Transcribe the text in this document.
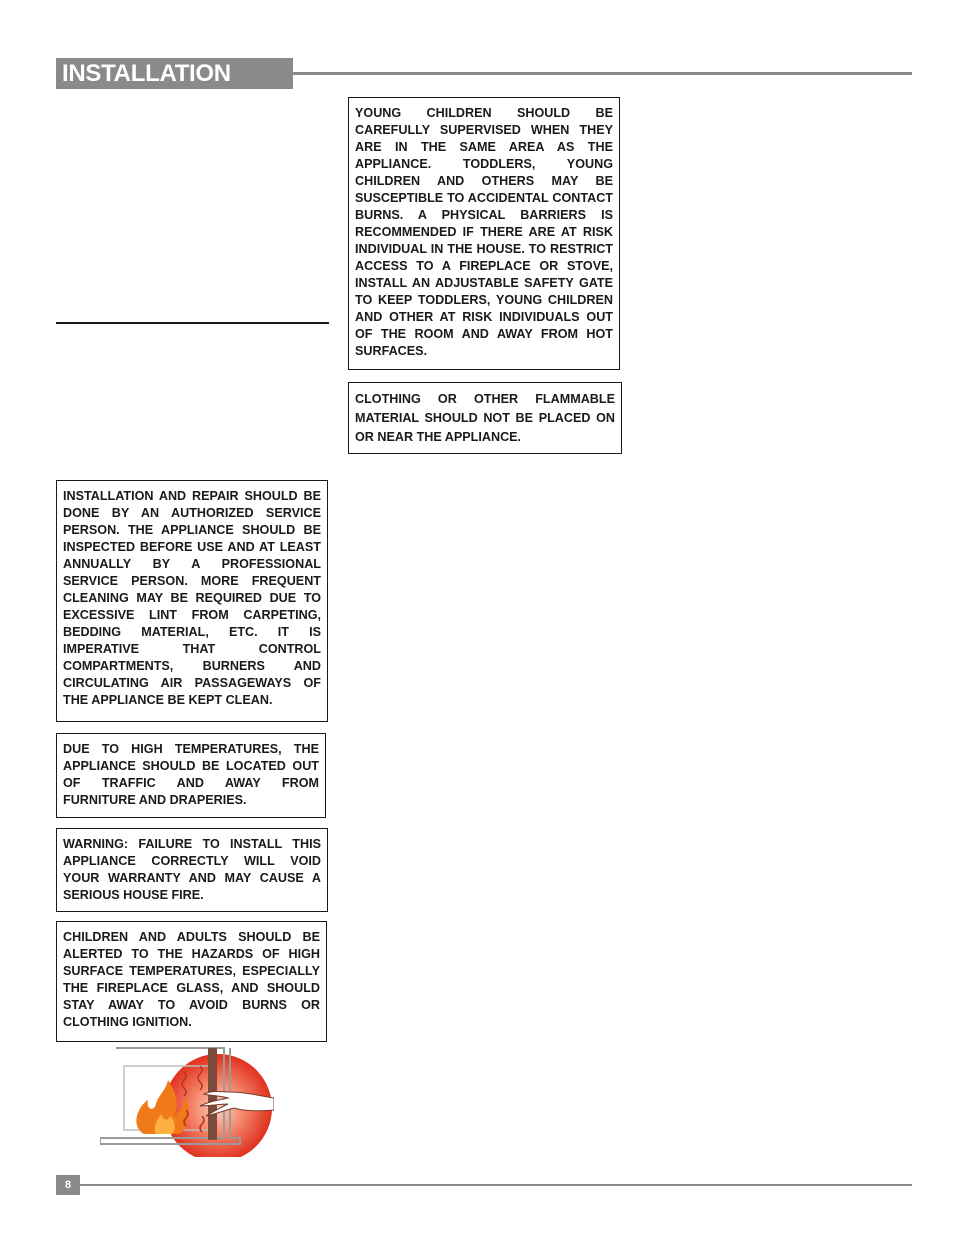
INSTALLATION
YOUNG CHILDREN SHOULD BE CAREFULLY SUPERVISED WHEN THEY ARE IN THE SAME AREA AS THE APPLIANCE. TODDLERS, YOUNG CHILDREN AND OTHERS MAY BE SUSCEPTIBLE TO ACCIDENTAL CONTACT BURNS. A PHYSICAL BARRIERS IS RECOMMENDED IF THERE ARE AT RISK INDIVIDUAL IN THE HOUSE. TO RESTRICT ACCESS TO A FIREPLACE OR STOVE, INSTALL AN ADJUSTABLE SAFETY GATE TO KEEP TODDLERS, YOUNG CHILDREN AND OTHER AT RISK INDIVIDUALS OUT OF THE ROOM AND AWAY FROM HOT SURFACES.
CLOTHING OR OTHER FLAMMABLE MATERIAL SHOULD NOT BE PLACED ON OR NEAR THE APPLIANCE.
INSTALLATION AND REPAIR SHOULD BE DONE BY AN AUTHORIZED SERVICE PERSON. THE APPLIANCE SHOULD BE INSPECTED BEFORE USE AND AT LEAST ANNUALLY BY A PROFESSIONAL SERVICE PERSON. MORE FREQUENT CLEANING MAY BE REQUIRED DUE TO EXCESSIVE LINT FROM CARPETING, BEDDING MATERIAL, ETC. IT IS IMPERATIVE THAT CONTROL COMPARTMENTS, BURNERS AND CIRCULATING AIR PASSAGEWAYS OF THE APPLIANCE BE KEPT CLEAN.
DUE TO HIGH TEMPERATURES, THE APPLIANCE SHOULD BE LOCATED OUT OF TRAFFIC AND AWAY FROM FURNITURE AND DRAPERIES.
WARNING: FAILURE TO INSTALL THIS APPLIANCE CORRECTLY WILL VOID YOUR WARRANTY AND MAY CAUSE A SERIOUS HOUSE FIRE.
CHILDREN AND ADULTS SHOULD BE ALERTED TO THE HAZARDS OF HIGH SURFACE TEMPERATURES, ESPECIALLY THE FIREPLACE GLASS, AND SHOULD STAY AWAY TO AVOID BURNS OR CLOTHING IGNITION.
8
